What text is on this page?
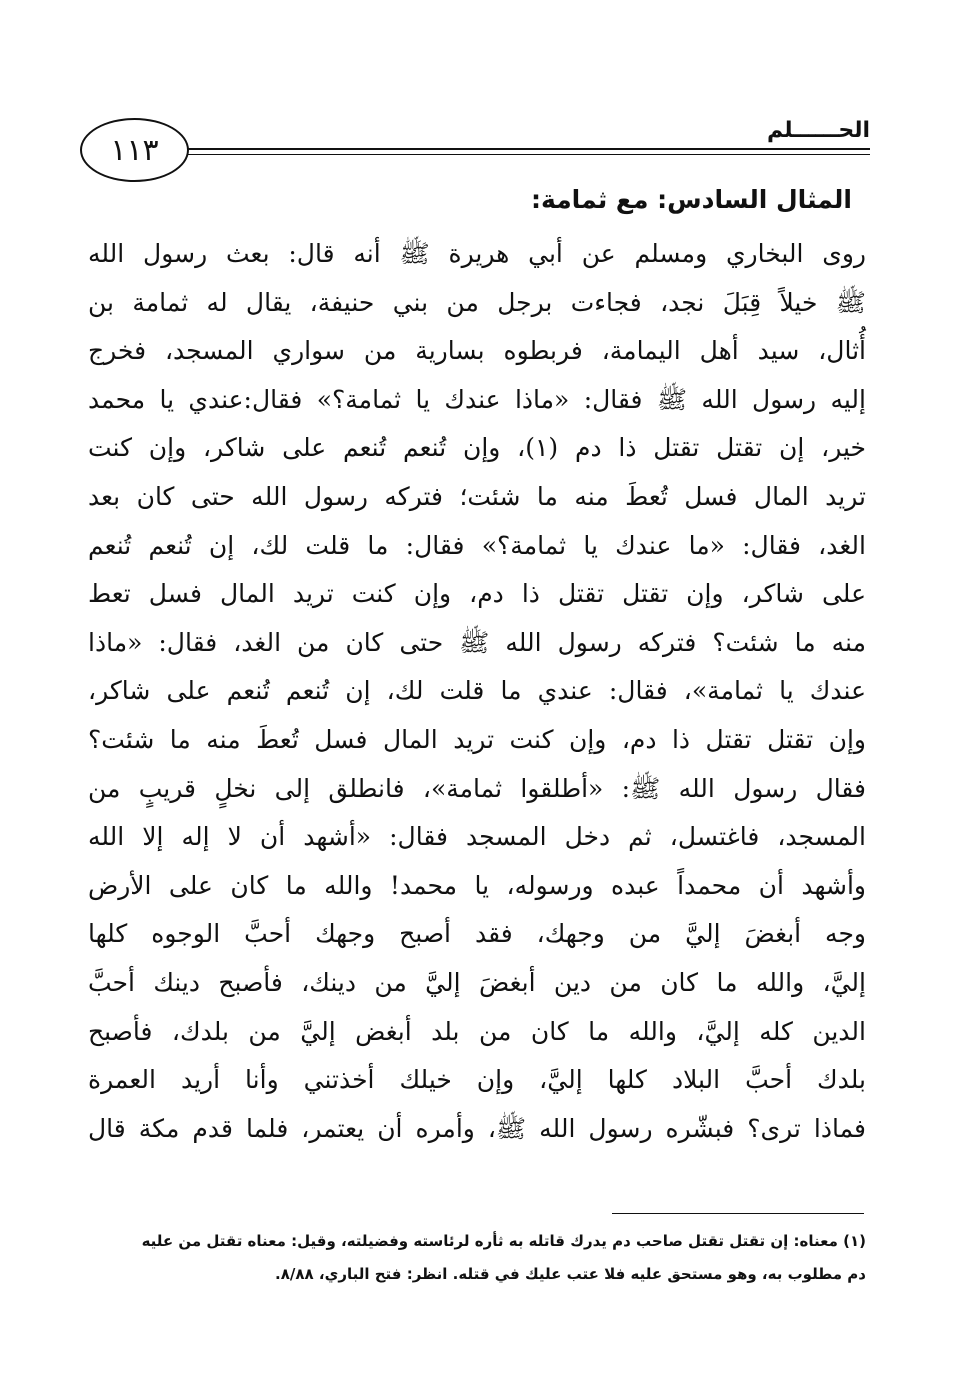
١١٣
الحــــــلم
المثال السادس: مع ثمامة:
روى البخاري ومسلم عن أبي هريرة ﷺ أنه قال: بعث رسول الله
ﷺ خيلاً قِبَلَ نجد، فجاءت برجل من بني حنيفة، يقال له ثمامة بن
أُثال، سيد أهل اليمامة، فربطوه بسارية من سواري المسجد، فخرج
إليه رسول الله ﷺ فقال: «ماذا عندك يا ثمامة؟» فقال:عندي يا محمد
خير، إن تقتل تقتل ذا دم (١)، وإن تُنعم تُنعم على شاكر، وإن كنت
تريد المال فسل تُعطَ منه ما شئت؛ فتركه رسول الله حتى كان بعد
الغد، فقال: «ما عندك يا ثمامة؟» فقال: ما قلت لك، إن تُنعم تُنعم
على شاكر، وإن تقتل تقتل ذا دم، وإن كنت تريد المال فسل تعط
منه ما شئت؟ فتركه رسول الله ﷺ حتى كان من الغد، فقال: «ماذا
عندك يا ثمامة»، فقال: عندي ما قلت لك، إن تُنعم تُنعم على شاكر،
وإن تقتل تقتل ذا دم، وإن كنت تريد المال فسل تُعطَ منه ما شئت؟
فقال رسول الله ﷺ: «أطلقوا ثمامة»، فانطلق إلى نخلٍ قريبٍ من
المسجد، فاغتسل، ثم دخل المسجد فقال: «أشهد أن لا إله إلا الله
وأشهد أن محمداً عبده ورسوله، يا محمد! والله ما كان على الأرض
وجه أبغضَ إليَّ من وجهك، فقد أصبح وجهك أحبَّ الوجوه كلها
إليَّ، والله ما كان من دين أبغضَ إليَّ من دينك، فأصبح دينك أحبَّ
الدين كله إليَّ، والله ما كان من بلد أبغض إليَّ من بلدك، فأصبح
بلدك أحبَّ البلاد كلها إليَّ، وإن خيلك أخذتني وأنا أريد العمرة
فماذا ترى؟ فبشّره رسول الله ﷺ، وأمره أن يعتمر، فلما قدم مكة قال
(١) معناه: إن تقتل تقتل صاحب دم يدرك قاتله به ثأره لرئاسته وفضيلته، وقيل: معناه تقتل من عليه
دم مطلوب به، وهو مستحق عليه فلا عتب عليك في قتله. انظر: فتح الباري، ٨/٨٨.
